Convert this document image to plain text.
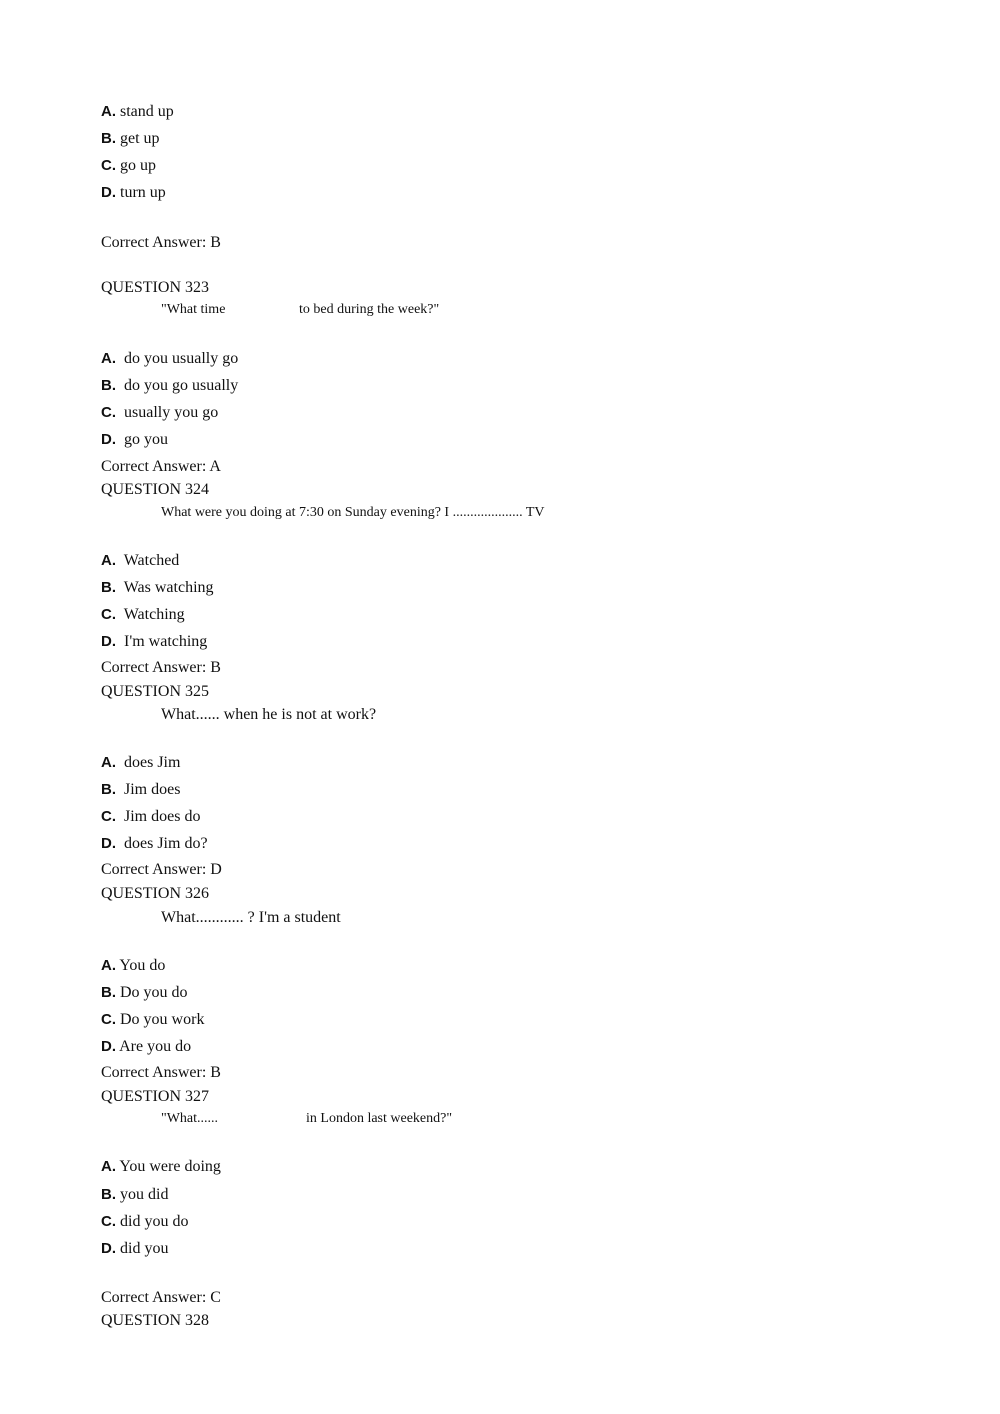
A. stand up
B. get up
C. go up
D. turn up
Correct Answer: B
QUESTION 323
"What time	to bed during the week?"
A. do you usually go
B. do you go usually
C. usually you go
D. go you
Correct Answer: A
QUESTION 324
What were you doing at 7:30 on Sunday evening? I .................... TV
A. Watched
B. Was watching
C. Watching
D. I'm watching
Correct Answer: B
QUESTION 325
What...... when he is not at work?
A. does Jim
B. Jim does
C. Jim does do
D. does Jim do?
Correct Answer: D
QUESTION 326
What............ ? I'm a student
A. You do
B. Do you do
C. Do you work
D. Are you do
Correct Answer: B
QUESTION 327
"What......	in London last weekend?"
A. You were doing
B. you did
C. did you do
D. did you
Correct Answer: C
QUESTION 328
